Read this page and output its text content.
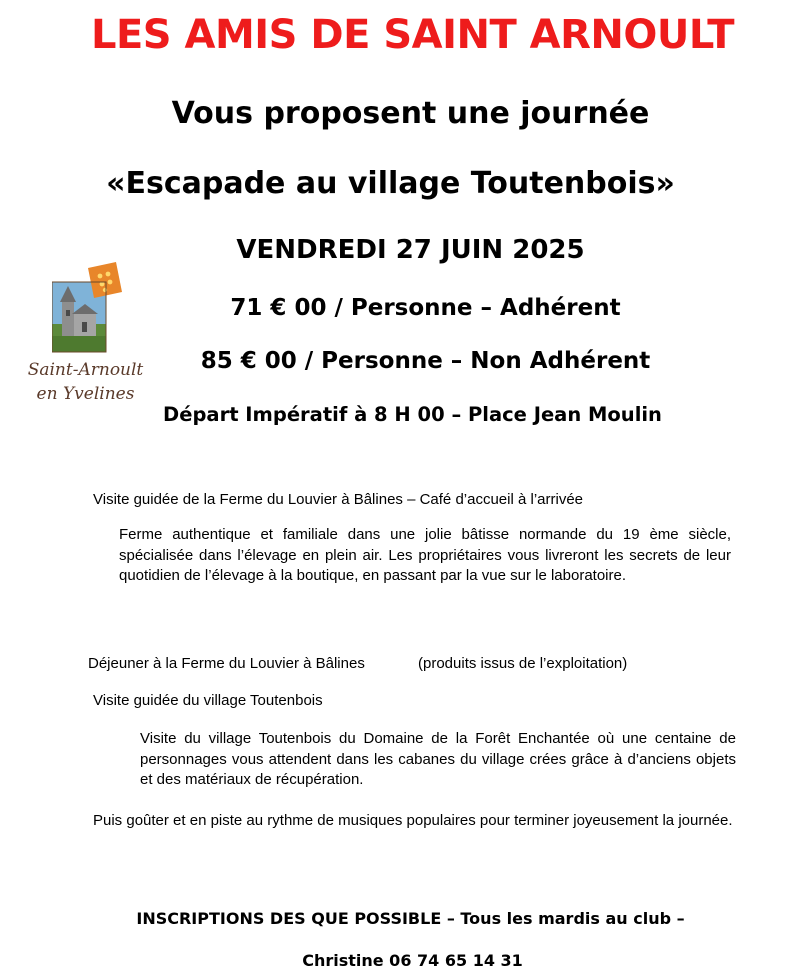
LES AMIS DE SAINT ARNOULT
Vous proposent une journée
«Escapade au village Toutenbois»
VENDREDI 27 JUIN 2025
71 € 00 / Personne – Adhérent
85 € 00 / Personne – Non Adhérent
Départ Impératif à 8 H 00 – Place Jean Moulin
Saint-Arnoult
en Yvelines
Visite guidée de la Ferme du Louvier à Bâlines – Café d’accueil à l’arrivée
Ferme authentique et familiale dans une jolie bâtisse normande du 19 ème siècle, spécialisée dans l’élevage en plein air. Les propriétaires vous livreront les secrets de leur quotidien de l’élevage à la boutique, en passant par la vue sur le laboratoire.
Déjeuner à la Ferme du Louvier à Bâlines	(produits issus de l’exploitation)
Visite guidée du village Toutenbois
Visite du village Toutenbois du Domaine de la Forêt Enchantée où une centaine de personnages vous attendent dans les cabanes du village crées grâce à d’anciens objets et des matériaux de récupération.
Puis goûter et en piste au rythme de musiques populaires pour terminer joyeusement la journée.
INSCRIPTIONS DES QUE POSSIBLE – Tous les mardis au club –
Christine 06 74 65 14 31
